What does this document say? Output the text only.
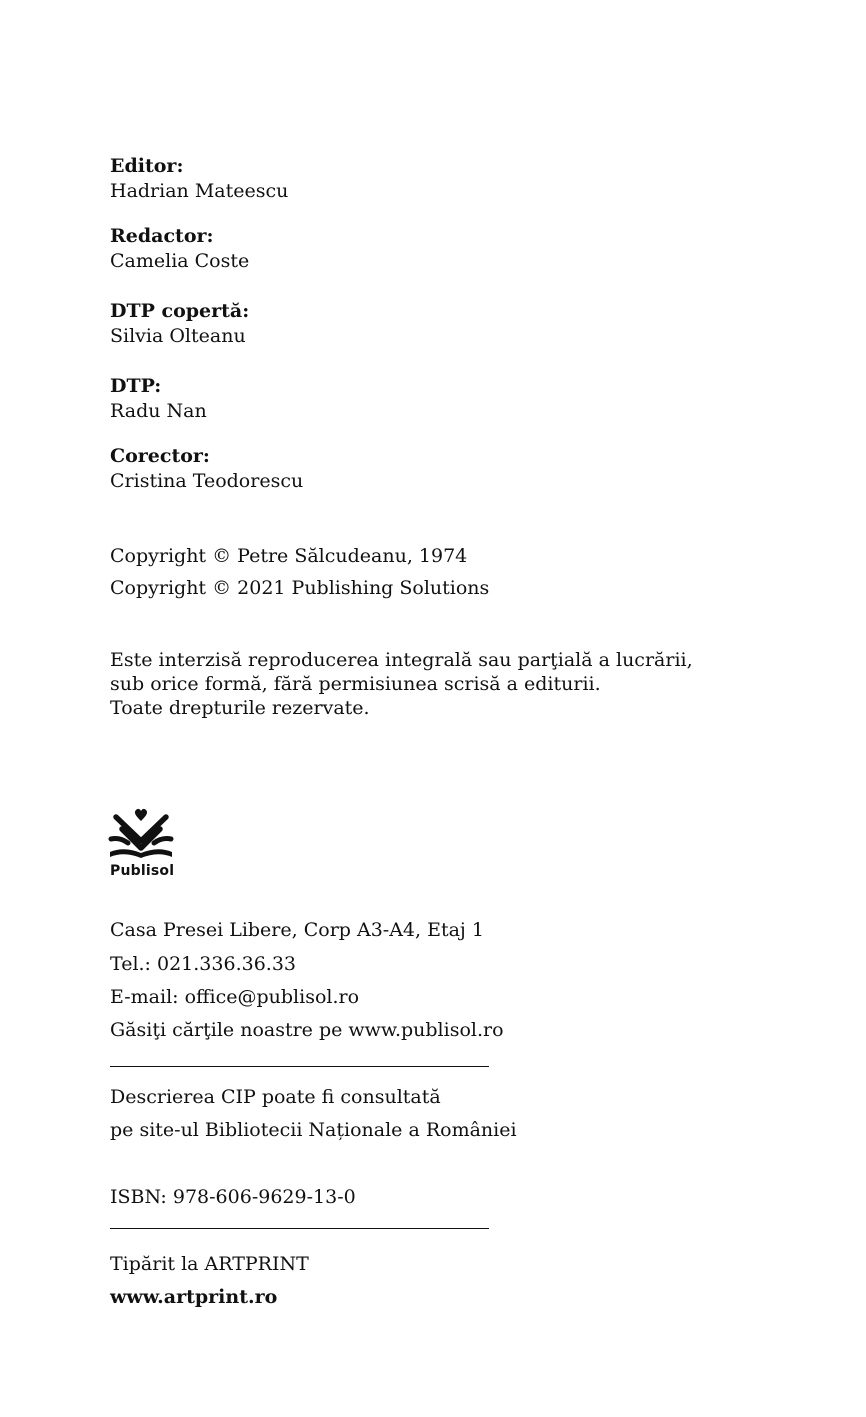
Editor:
Hadrian Mateescu
Redactor:
Camelia Coste
DTP copertă:
Silvia Olteanu
DTP:
Radu Nan
Corector:
Cristina Teodorescu
Copyright © Petre Sălcudeanu, 1974
Copyright © 2021 Publishing Solutions
Este interzisă reproducerea integrală sau parţială a lucrării,
sub orice formă, fără permisiunea scrisă a editurii.
Toate drepturile rezervate.
Publisol
Casa Presei Libere, Corp A3-A4, Etaj 1
Tel.: 021.336.36.33
E-mail: office@publisol.ro
Găsiţi cărţile noastre pe www.publisol.ro
Descrierea CIP poate fi consultată
pe site-ul Bibliotecii Naționale a României
ISBN: 978-606-9629-13-0
Tipărit la ARTPRINT
www.artprint.ro
